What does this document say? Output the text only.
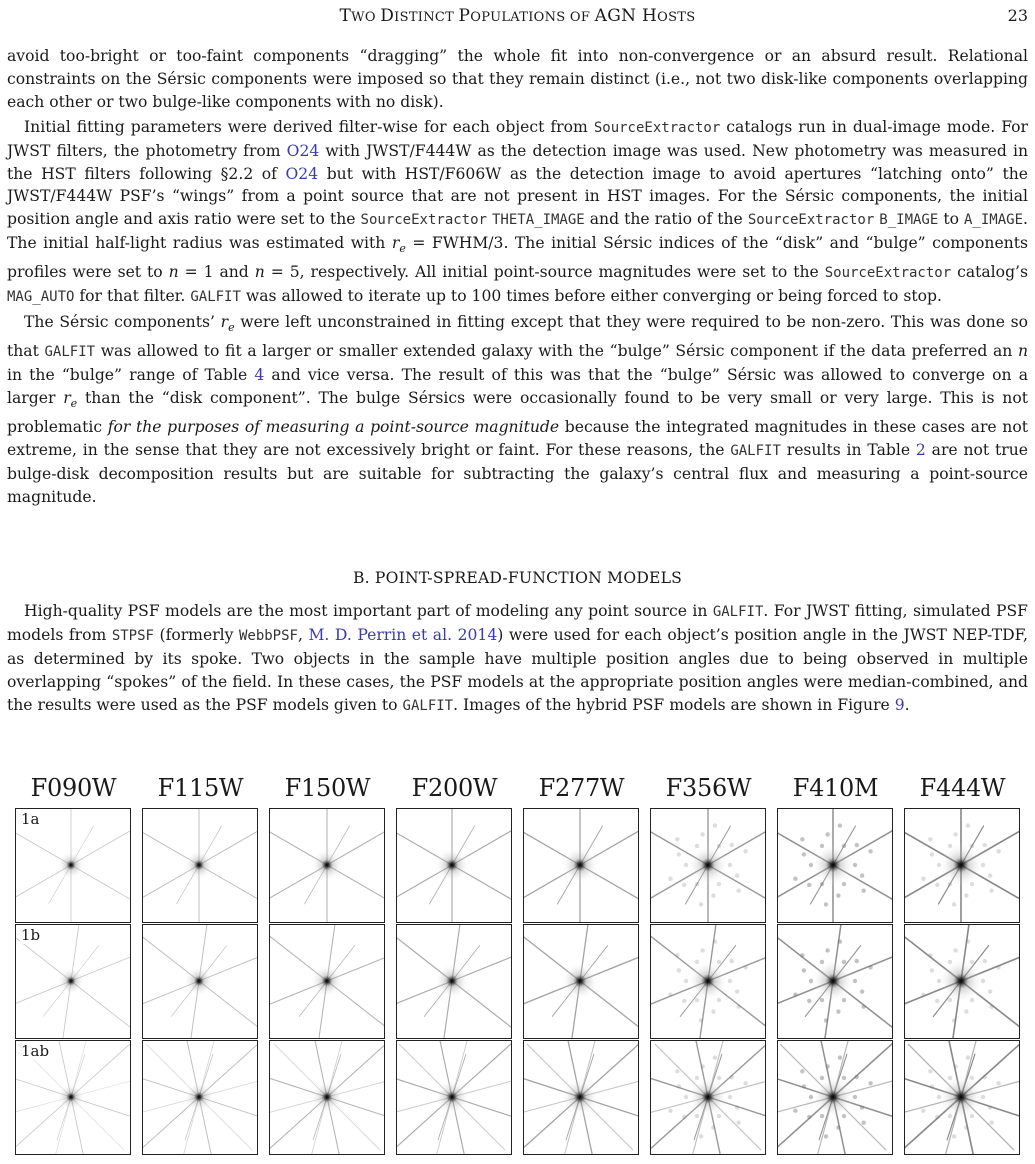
TWO DISTINCT POPULATIONS OF AGN HOSTS	23

avoid too-bright or too-faint components “dragging” the whole fit into non-convergence or an absurd result. Relational constraints on the Sérsic components were imposed so that they remain distinct (i.e., not two disk-like components overlapping each other or two bulge-like components with no disk).

Initial fitting parameters were derived filter-wise for each object from SourceExtractor catalogs run in dual-image mode. For JWST filters, the photometry from O24 with JWST/F444W as the detection image was used. New photometry was measured in the HST filters following §2.2 of O24 but with HST/F606W as the detection image to avoid apertures “latching onto” the JWST/F444W PSF’s “wings” from a point source that are not present in HST images. For the Sérsic components, the initial position angle and axis ratio were set to the SourceExtractor THETA_IMAGE and the ratio of the SourceExtractor B_IMAGE to A_IMAGE. The initial half-light radius was estimated with $r_e$ = FWHM/3. The initial Sérsic indices of the “disk” and “bulge” components profiles were set to n = 1 and n = 5, respectively. All initial point-source magnitudes were set to the SourceExtractor catalog’s MAG_AUTO for that filter. GALFIT was allowed to iterate up to 100 times before either converging or being forced to stop.

The Sérsic components’ $r_e$ were left unconstrained in fitting except that they were required to be non-zero. This was done so that GALFIT was allowed to fit a larger or smaller extended galaxy with the “bulge” Sérsic component if the data preferred an n in the “bulge” range of Table 4 and vice versa. The result of this was that the “bulge” Sérsic was allowed to converge on a larger $r_e$ than the “disk component”. The bulge Sérsics were occasionally found to be very small or very large. This is not problematic for the purposes of measuring a point-source magnitude because the integrated magnitudes in these cases are not extreme, in the sense that they are not excessively bright or faint. For these reasons, the GALFIT results in Table 2 are not true bulge-disk decomposition results but are suitable for subtracting the galaxy’s central flux and measuring a point-source magnitude.

B. POINT-SPREAD-FUNCTION MODELS

High-quality PSF models are the most important part of modeling any point source in GALFIT. For JWST fitting, simulated PSF models from STPSF (formerly WebbPSF, M. D. Perrin et al. 2014) were used for each object’s position angle in the JWST NEP-TDF, as determined by its spoke. Two objects in the sample have multiple position angles due to being observed in multiple overlapping “spokes” of the field. In these cases, the PSF models at the appropriate position angles were median-combined, and the results were used as the PSF models given to GALFIT. Images of the hybrid PSF models are shown in Figure 9.

F090W	F115W	F150W	F200W	F277W	F356W	F410M	F444W
1a
1b
1ab
